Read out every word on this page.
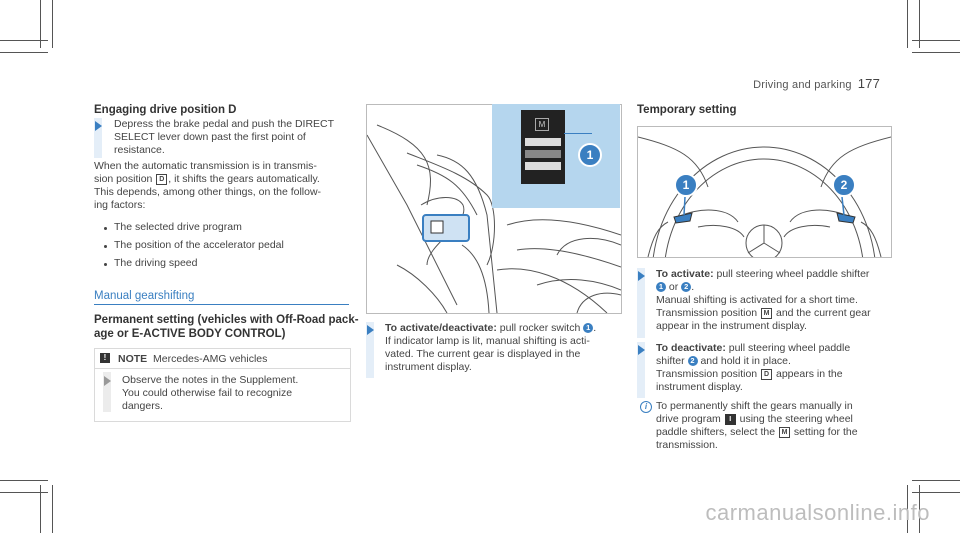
Driving and parking 177
Engaging drive position D
Depress the brake pedal and push the DIRECT
SELECT lever down past the first point of
resistance.
When the automatic transmission is in transmis-
sion position D , it shifts the gears automatically.
This depends, among other things, on the follow-
ing factors:
The selected drive program
The position of the accelerator pedal
The driving speed
Manual gearshifting
Permanent setting (vehicles with Off-Road pack-
age or E-ACTIVE BODY CONTROL)
!	NOTE Mercedes-AMG vehicles
Observe the notes in the Supplement.
You could otherwise fail to recognize
dangers.
M
1
To activate/deactivate: pull rocker switch 1 .
If indicator lamp is lit, manual shifting is acti-
vated. The current gear is displayed in the
instrument display.
Temporary setting
1	2
To activate: pull steering wheel paddle shifter
1 or 2 .
Manual shifting is activated for a short time.
Transmission position M and the current gear
appear in the instrument display.
To deactivate: pull steering wheel paddle
shifter 2 and hold it in place.
Transmission position D appears in the
instrument display.
i To permanently shift the gears manually in
drive program I using the steering wheel
paddle shifters, select the M setting for the
transmission.
carmanualsonline.info
